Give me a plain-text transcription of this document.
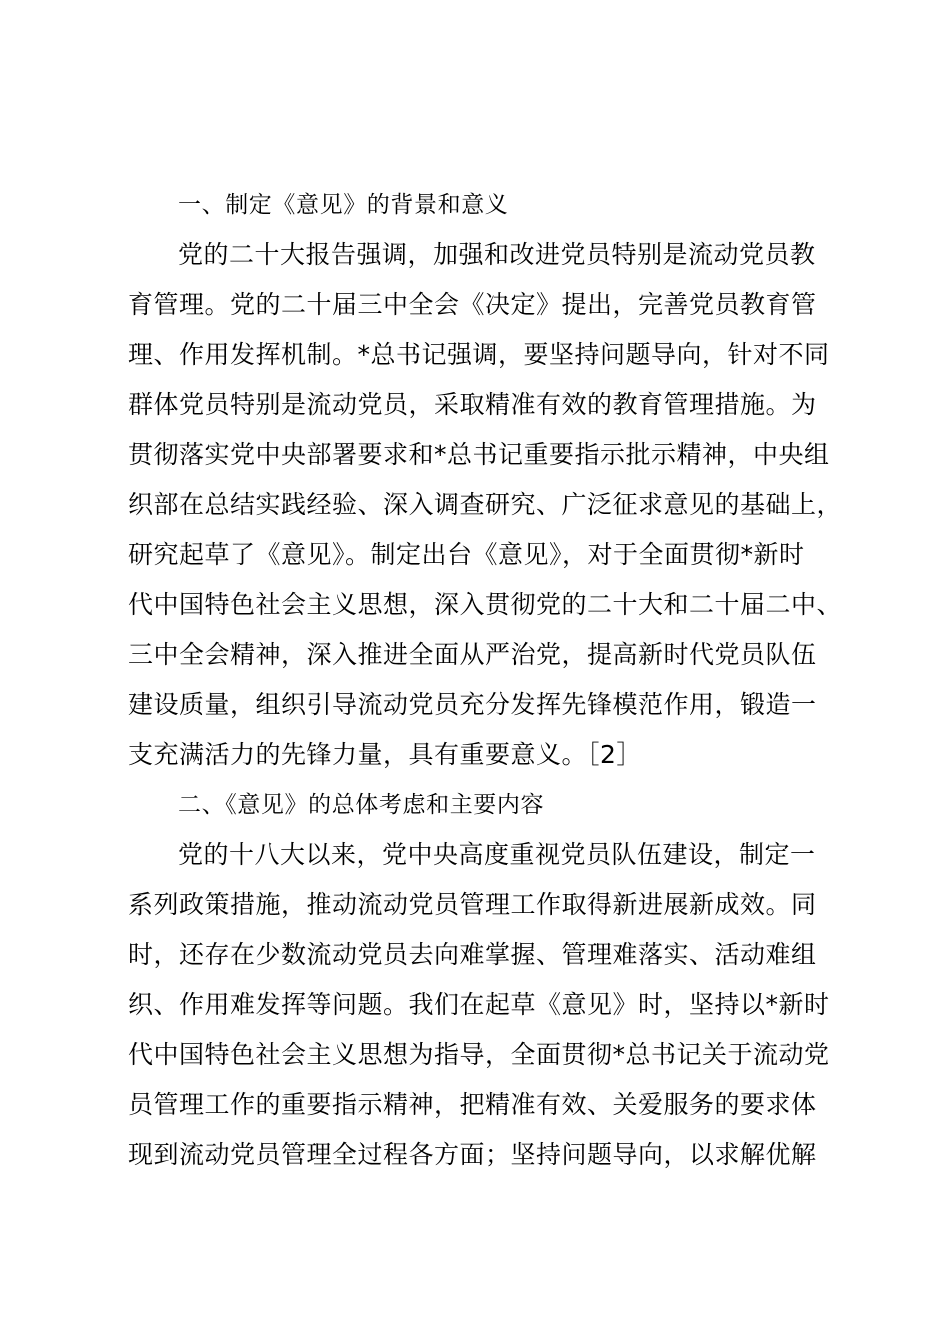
一、制定《意见》的背景和意义
党的二十大报告强调，加强和改进党员特别是流动党员教
育管理。党的二十届三中全会《决定》提出，完善党员教育管
理、作用发挥机制。*总书记强调，要坚持问题导向，针对不同
群体党员特别是流动党员，采取精准有效的教育管理措施。为
贯彻落实党中央部署要求和*总书记重要指示批示精神，中央组
织部在总结实践经验、深入调查研究、广泛征求意见的基础上，
研究起草了《意见》。制定出台《意见》，对于全面贯彻*新时
代中国特色社会主义思想，深入贯彻党的二十大和二十届二中、
三中全会精神，深入推进全面从严治党，提高新时代党员队伍
建设质量，组织引导流动党员充分发挥先锋模范作用，锻造一
支充满活力的先锋力量，具有重要意义。［2］
二、《意见》的总体考虑和主要内容
党的十八大以来，党中央高度重视党员队伍建设，制定一
系列政策措施，推动流动党员管理工作取得新进展新成效。同
时，还存在少数流动党员去向难掌握、管理难落实、活动难组
织、作用难发挥等问题。我们在起草《意见》时，坚持以*新时
代中国特色社会主义思想为指导，全面贯彻*总书记关于流动党
员管理工作的重要指示精神，把精准有效、关爱服务的要求体
现到流动党员管理全过程各方面；坚持问题导向，以求解优解
